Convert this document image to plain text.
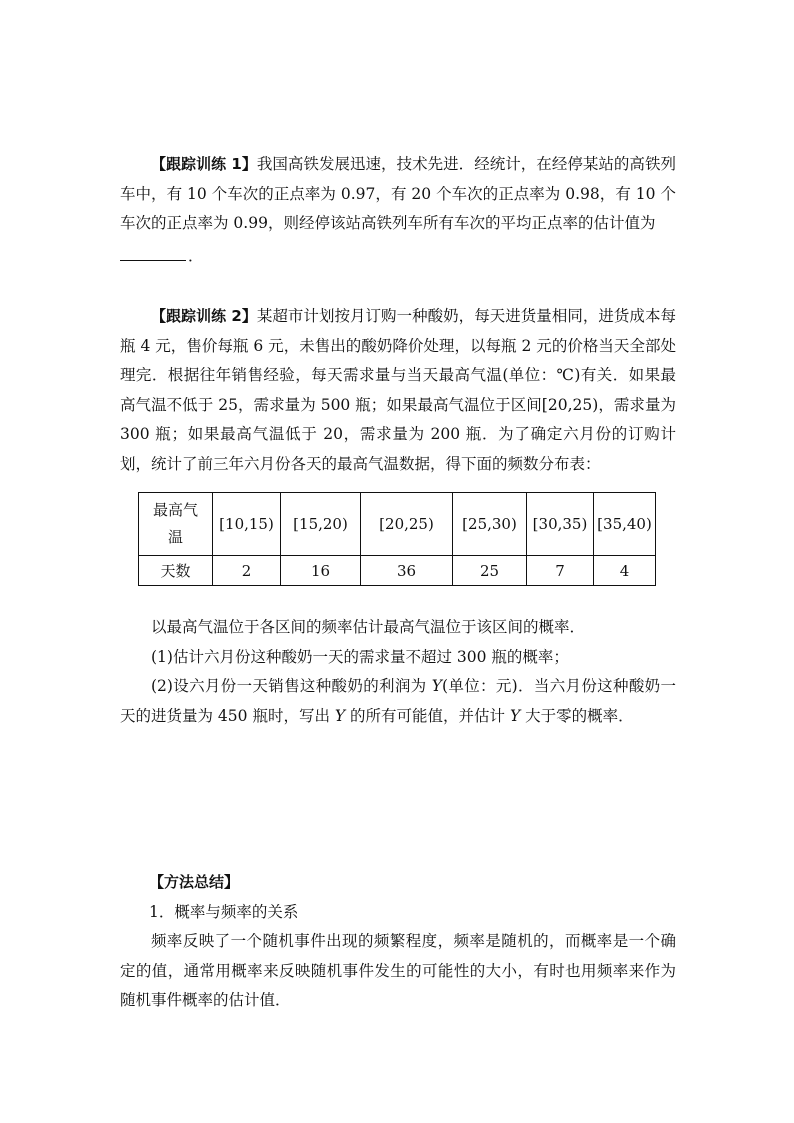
【跟踪训练 1】我国高铁发展迅速，技术先进．经统计，在经停某站的高铁列车中，有 10 个车次的正点率为 0.97，有 20 个车次的正点率为 0.98，有 10 个车次的正点率为 0.99，则经停该站高铁列车所有车次的平均正点率的估计值为

．

【跟踪训练 2】某超市计划按月订购一种酸奶，每天进货量相同，进货成本每瓶 4 元，售价每瓶 6 元，未售出的酸奶降价处理，以每瓶 2 元的价格当天全部处理完．根据往年销售经验，每天需求量与当天最高气温(单位：℃)有关．如果最高气温不低于 25，需求量为 500 瓶；如果最高气温位于区间[20,25)，需求量为 300 瓶；如果最高气温低于 20，需求量为 200 瓶．为了确定六月份的订购计划，统计了前三年六月份各天的最高气温数据，得下面的频数分布表：

最高气温	[10,15)	[15,20)	[20,25)	[25,30)	[30,35)	[35,40)
天数	2	16	36	25	7	4

以最高气温位于各区间的频率估计最高气温位于该区间的概率．

(1)估计六月份这种酸奶一天的需求量不超过 300 瓶的概率；

(2)设六月份一天销售这种酸奶的利润为 Y(单位：元)．当六月份这种酸奶一天的进货量为 450 瓶时，写出 Y 的所有可能值，并估计 Y 大于零的概率．

【方法总结】

1．概率与频率的关系

频率反映了一个随机事件出现的频繁程度，频率是随机的，而概率是一个确定的值，通常用概率来反映随机事件发生的可能性的大小，有时也用频率来作为随机事件概率的估计值．
